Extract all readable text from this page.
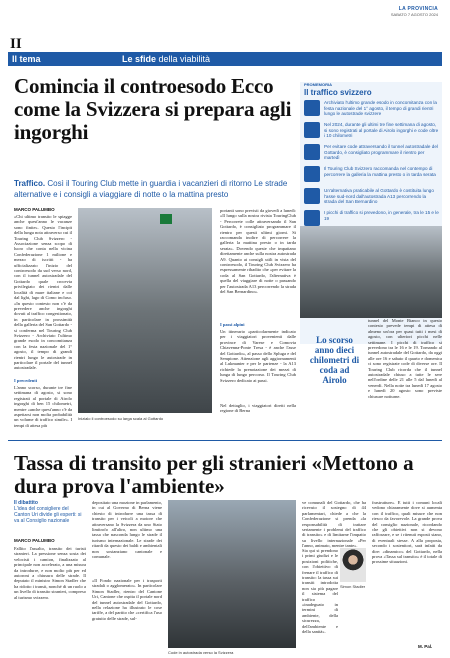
II
LA PROVINCIA
SABATO 7 AGOSTO 2024
Il tema	Le sfide della viabilità
Comincia il controesodo Ecco come la Svizzera si prepara agli ingorghi
Traffico. Così il Touring Club mette in guardia i vacanzieri di ritorno Le strade alternative e i consigli a viaggiare di notte o la mattina presto
MARCO PALUMBO
«Chi ultimo transito le spiagge anche quest'anno le vacanze sono finite». Questo l'incipit della lunga nota attraverso cui il Touring Club Svizzero - Associazione senza scopo di lucro che conta nella vicina Confederazione 1 milione e mezzo di iscritti - ha ufficializzato l'inizio del controesodo da sud verso nord, con il tunnel autostradale del Gottardo quale crocevia privilegiato dei rientri dalle località di mare italiane e coi dal light, lago di Como incluso. «In questo contesto non c'è da prevedere anche ingorghi dovuti al traffico congestionato, in particolare in prossimità della galleria del San Gottardo - si conferma nel Touring Club Svizzero - Archiviato l'ultimo grande esodo in concomitanza con la festa nazionale del 1° agosto, il tempo di grandi rientri lungo le autostrade in particolare il portale del tunnel autostradale.
I precedenti
L'anno scorso, durante tre fine settimana di agosto, si sono registrati al portale di Airolo ingorghi di ben 15 chilometri, mentre «anche quest'anno c'è da aspettarsi non molta probabilità un volume di traffico simile». I tempi di attesa più
Inizialo il controesodo su larga scala al Gottardo
portanti sono previsti da giovedì a lunedì: «Il lungo sulla nostra rivista TouringClub - Percorrete colle attraversando il San Gottardo, è consigliato programmare il rientro per questi ultimi giorni. Si raccomanda inoltre di percorrere la galleria la mattina presto o in tarda serata». Dovendo queste che impattano direttamente anche sulla nostra autostrada A9. Quanto ai consigli utili in vista del controesodo, il Touring Club Svizzero ha espressamente ribadito che «per evitare la coda al San Gottardo, l'alternativa è quella del viaggiare di notte o passando per l'autostrada A13 percorrendo la strada del San Bernardino».
I passi alpini
Un itinerario «particolarmente indicato per i viaggiatori provenienti dalle province di Varese e Comovia Chiavenna-Ponte Tresa - è anche l'asse del Gottardo», al passo dello Spluga e del Sempione. Attenzione agli aggiornamenti al Lukmanier e per le partenze - la A13 richiede la prenotazione dei mezzi di lunga di lungo percorso. Il Touring Club Svizzero dedicato ai passi.
Nel dettaglio, i viaggiatori diretti nella regione di Berna
PROMEMORIA
Il traffico svizzero
Archiviato l'ultimo grande esodo in concomitanza con la festa nazionale del 1° agosto, il tempo di grandi rientri lungo le autostrade svizzere
Nel 2024, durante gli ultimi tre fine settimana di agosto, si sono registrati al portale di Airolo ingorghi e code oltre i 10 chilometri
Per evitare code attraversando il tunnel autostradale del Gottardo, è consigliato programmare il rientro per martedì
Il Touring Club Svizzero raccomanda nel contempo di percorrere la galleria la mattina presto o in tarda serata
Un'alternativa praticabile al Gottardo è costituita lungo l'asse sud-nord dall'autostrada A13 percorrendo la strada del San Bernardino
I picchi di traffico si prevedono, in generale, tra le 15 e le 19
Lo scorso anno dieci chilometri di coda ad Airolo
tunnel del Monte Bianco in questo contesto prevede tempi di attesa di almeno un'ora per quasi tutti i mesi di agosto, con ulteriori picchi nelle settimane. I picchi di traffico si prevedono tra le 16 e le 19. Tornando al tunnel autostradale del Gottardo, da oggi alle ore 16 e sabato il quarto e domenica ci sono registrate code di diverse ore. Il Touring Club ricorda che il tunnel autostradale chiuso a tutte le sere nell'ordine delle 21 alle 5 dal lunedì al venerdì. Nella notte tra lunedì 17 agosto e lunedì 20 agosto sono previste chiusure notturne.
Tassa di transito per gli stranieri «Mettono a dura prova l'ambiente»
Il dibattito
L'idea del consigliere del Canton Uri divide gli esperti: si va al Consiglio nazionale
MARCO PALUMBO
Fallito l'assalto, transito dei turisti stranieri. La pressione senza sosta dei velocisti i camion, finalizzato al principale non accelerato, a una misura da introdurre, e non molto più per ed autoroni a chiusura delle strade. Il deputato il ministro Simon Stadler che ha ridotto i transit, nonché di un ruolo a un livello di transito stranieri, compreso al turismo svizzero.
depositato una mozione in parlamento, in cui al Governo di Berna viene chiesto di introdurre una tassa di transito per i veicoli a motore che attraversano la Svizzera da uno Stato limitrofo all'altro, non ultimo una tassa che nasconda lungo le strade il turismo internazionale. Le strade dei ritardi da questo dei baldi e ambientali non sostanziano cantonale e comunale.
«Il Fondo nazionale per i trasporti stradali o agglomerato». In particolare Simon Stadler, rientro del Cantone Uri, Cantone che ospita il portale nord del tunnel autostradale del Gottardo, nella relazione ha illustrato le cose tariffe, a del partito che «certifica l'uso gratuito delle strade, sul-
Code in autostrada verso la Svizzera
ve comunali del Gottardo, che ha ricevuto il sostegno di 44 parlamentari, chiede a che la Confederazione si prenda «la responsabilità di trattare seriamente i problemi del traffico di transito» e di limitarne l'impatto su livello internazionale «Per l'anno, animato, mentre tante».
Sia qui si prendono i primi giudizi e le posizioni politiche, con l'obiettivo di frenare il traffico di transito: la tassa sui transiti introdotta non sia più pagare il sistema del traffico «inadeguato in termini di ambiente, della sicurezza, dell'ambiente e della sanità».
Simon Stadler
frastrutture». E tutti i comuni locali vedono chiaramente dove si aumenta con il traffico, quali misure che non riesco da favorevole. La grande prova del consiglio nazionale, ricordando che gli obiettivi non si devono rafforzare, e se i ritenuti esposti siano, di eventuali stesse. A alla proposta, secondo i sostenitori, sarà infatti da dire: «dinamico» del Gottardo, nella prova «Tassa sul transito» è il totale di prossime situazioni.
M. Pal.
